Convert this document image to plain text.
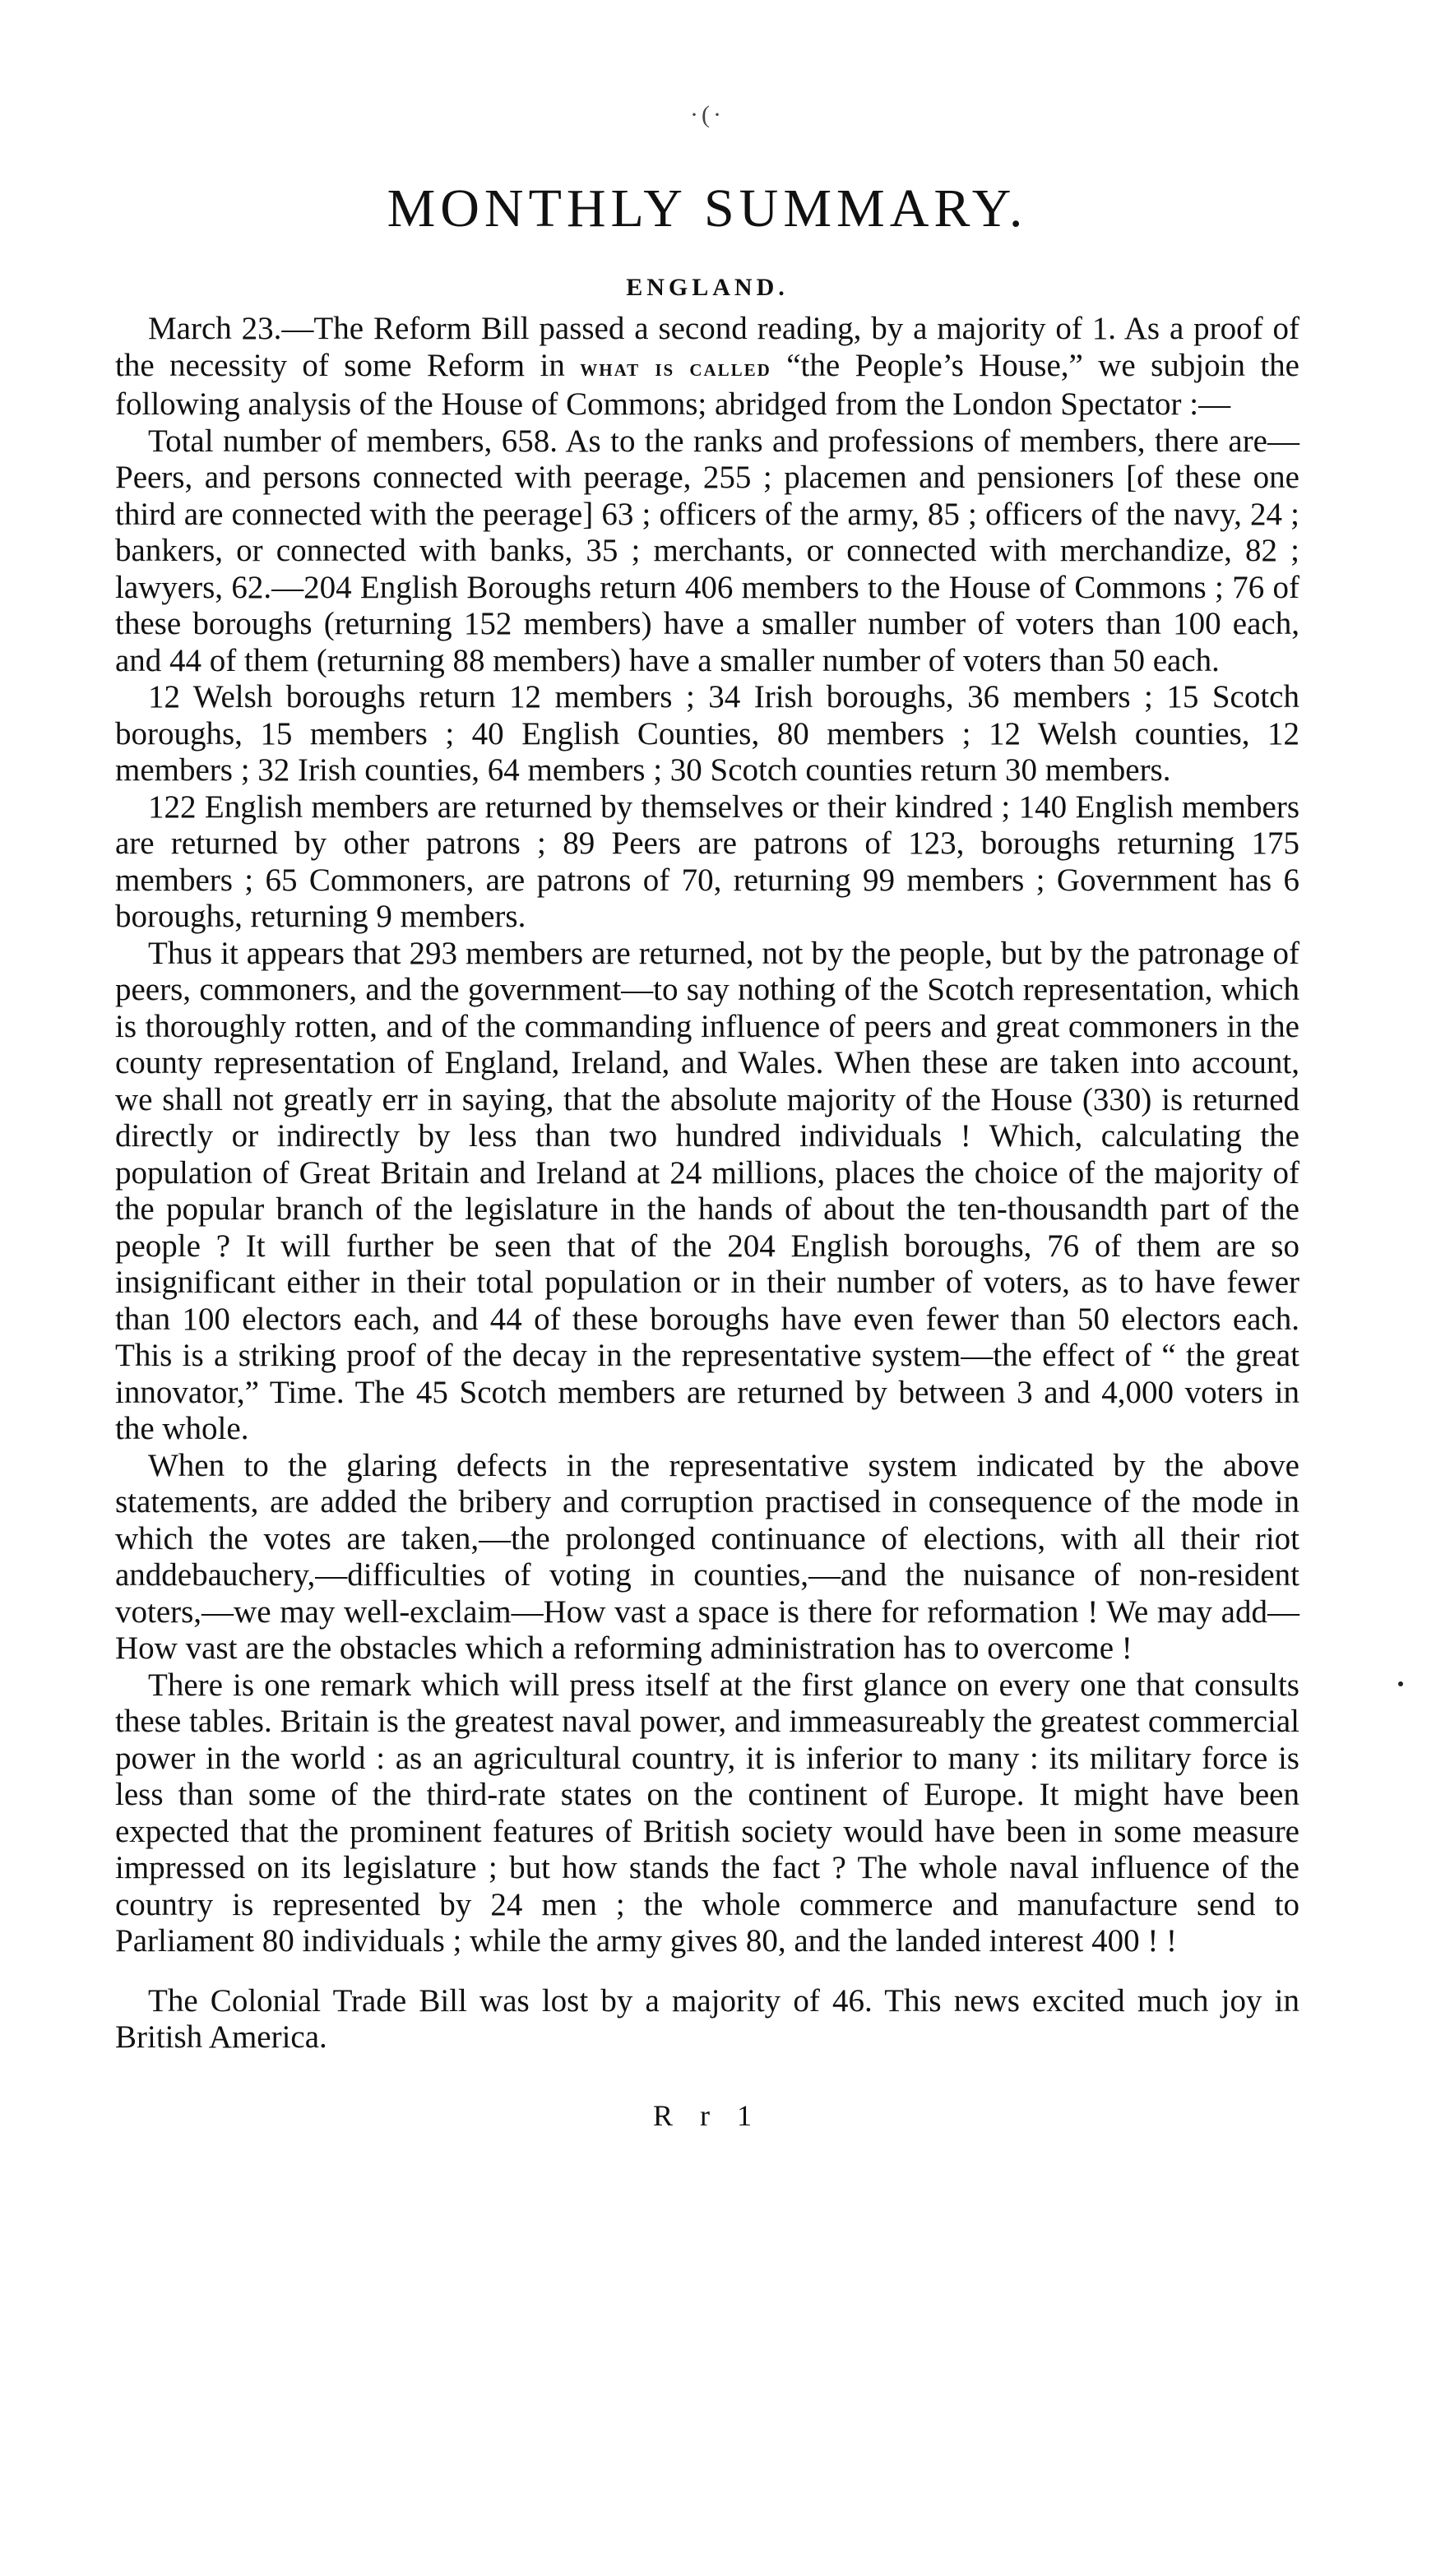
·(·
MONTHLY SUMMARY.
ENGLAND.

March 23.—The Reform Bill passed a second reading, by a majority of 1. As a proof of the necessity of some Reform in what is called “the People’s House,” we subjoin the following analysis of the House of Commons; abridged from the London Spectator :—

Total number of members, 658. As to the ranks and professions of members, there are—Peers, and persons connected with peerage, 255 ; placemen and pensioners [of these one third are connected with the peerage] 63 ; officers of the army, 85 ; officers of the navy, 24 ; bankers, or connected with banks, 35 ; merchants, or connected with merchandize, 82 ; lawyers, 62.—204 English Boroughs return 406 members to the House of Commons ; 76 of these boroughs (returning 152 members) have a smaller number of voters than 100 each, and 44 of them (returning 88 members) have a smaller number of voters than 50 each.

12 Welsh boroughs return 12 members ; 34 Irish boroughs, 36 members ; 15 Scotch boroughs, 15 members ; 40 English Counties, 80 members ; 12 Welsh counties, 12 members ; 32 Irish counties, 64 members ; 30 Scotch counties return 30 members.

122 English members are returned by themselves or their kindred ; 140 English members are returned by other patrons ; 89 Peers are patrons of 123, boroughs returning 175 members ; 65 Commoners, are patrons of 70, returning 99 members ; Government has 6 boroughs, returning 9 members.

Thus it appears that 293 members are returned, not by the people, but by the patronage of peers, commoners, and the government—to say nothing of the Scotch representation, which is thoroughly rotten, and of the commanding influence of peers and great commoners in the county representation of England, Ireland, and Wales. When these are taken into account, we shall not greatly err in saying, that the absolute majority of the House (330) is returned directly or indirectly by less than two hundred individuals ! Which, calculating the population of Great Britain and Ireland at 24 millions, places the choice of the majority of the popular branch of the legislature in the hands of about the ten-thousandth part of the people ? It will further be seen that of the 204 English boroughs, 76 of them are so insignificant either in their total population or in their number of voters, as to have fewer than 100 electors each, and 44 of these boroughs have even fewer than 50 electors each. This is a striking proof of the decay in the representative system—the effect of “ the great innovator,” Time. The 45 Scotch members are returned by between 3 and 4,000 voters in the whole.

When to the glaring defects in the representative system indicated by the above statements, are added the bribery and corruption practised in consequence of the mode in which the votes are taken,—the prolonged continuance of elections, with all their riot anddebauchery,—difficulties of voting in counties,—and the nuisance of non-resident voters,—we may well-exclaim—How vast a space is there for reformation ! We may add—How vast are the obstacles which a reforming administration has to overcome !

There is one remark which will press itself at the first glance on every one that consults these tables. Britain is the greatest naval power, and immeasureably the greatest commercial power in the world : as an agricultural country, it is inferior to many : its military force is less than some of the third-rate states on the continent of Europe. It might have been expected that the prominent features of British society would have been in some measure impressed on its legislature ; but how stands the fact ? The whole naval influence of the country is represented by 24 men ; the whole commerce and manufacture send to Parliament 80 individuals ; while the army gives 80, and the landed interest 400 ! !

The Colonial Trade Bill was lost by a majority of 46. This news excited much joy in British America.

R r 1
